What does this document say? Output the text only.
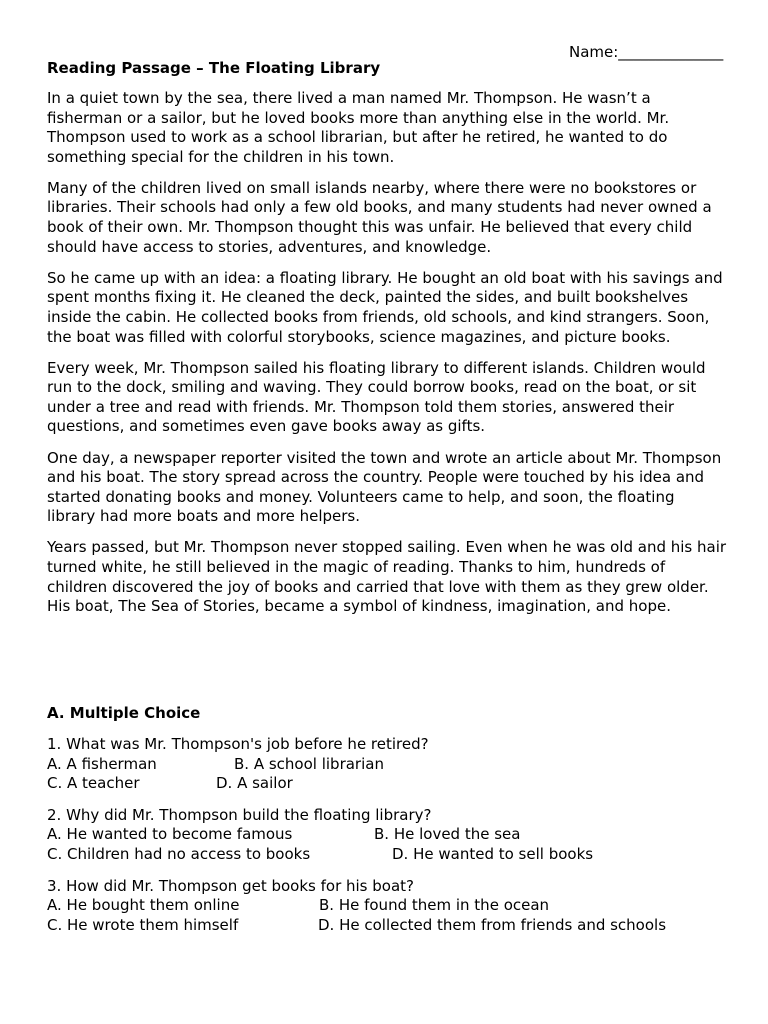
Name:______________
Reading Passage – The Floating Library

In a quiet town by the sea, there lived a man named Mr. Thompson. He wasn’t a fisherman or a sailor, but he loved books more than anything else in the world. Mr. Thompson used to work as a school librarian, but after he retired, he wanted to do something special for the children in his town.

Many of the children lived on small islands nearby, where there were no bookstores or libraries. Their schools had only a few old books, and many students had never owned a book of their own. Mr. Thompson thought this was unfair. He believed that every child should have access to stories, adventures, and knowledge.

So he came up with an idea: a floating library. He bought an old boat with his savings and spent months fixing it. He cleaned the deck, painted the sides, and built bookshelves inside the cabin. He collected books from friends, old schools, and kind strangers. Soon, the boat was filled with colorful storybooks, science magazines, and picture books.

Every week, Mr. Thompson sailed his floating library to different islands. Children would run to the dock, smiling and waving. They could borrow books, read on the boat, or sit under a tree and read with friends. Mr. Thompson told them stories, answered their questions, and sometimes even gave books away as gifts.

One day, a newspaper reporter visited the town and wrote an article about Mr. Thompson and his boat. The story spread across the country. People were touched by his idea and started donating books and money. Volunteers came to help, and soon, the floating library had more boats and more helpers.

Years passed, but Mr. Thompson never stopped sailing. Even when he was old and his hair turned white, he still believed in the magic of reading. Thanks to him, hundreds of children discovered the joy of books and carried that love with them as they grew older. His boat, The Sea of Stories, became a symbol of kindness, imagination, and hope.

A. Multiple Choice
1. What was Mr. Thompson's job before he retired?
A. A fisherman	B. A school librarian
C. A teacher	D. A sailor
2. Why did Mr. Thompson build the floating library?
A. He wanted to become famous	B. He loved the sea
C. Children had no access to books	D. He wanted to sell books
3. How did Mr. Thompson get books for his boat?
A. He bought them online	B. He found them in the ocean
C. He wrote them himself	D. He collected them from friends and schools
